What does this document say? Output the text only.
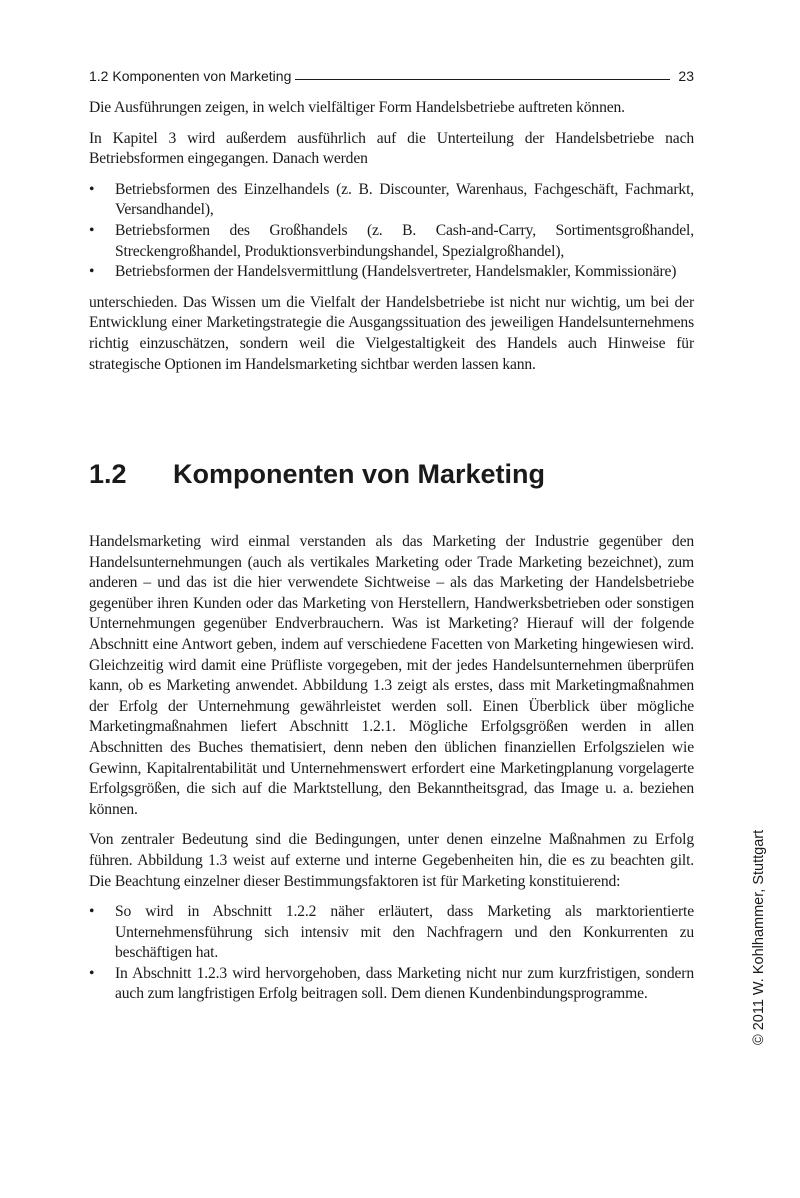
1.2 Komponenten von Marketing	23

Die Ausführungen zeigen, in welch vielfältiger Form Handelsbetriebe auftreten können.

In Kapitel 3 wird außerdem ausführlich auf die Unterteilung der Handelsbetriebe nach Betriebsformen eingegangen. Danach werden

• Betriebsformen des Einzelhandels (z. B. Discounter, Warenhaus, Fachgeschäft, Fachmarkt, Versandhandel),
• Betriebsformen des Großhandels (z. B. Cash-and-Carry, Sortimentsgroßhandel, Streckengroßhandel, Produktionsverbindungshandel, Spezialgroßhandel),
• Betriebsformen der Handelsvermittlung (Handelsvertreter, Handelsmakler, Kommissionäre)

unterschieden. Das Wissen um die Vielfalt der Handelsbetriebe ist nicht nur wichtig, um bei der Entwicklung einer Marketingstrategie die Ausgangssituation des jeweiligen Handelsunternehmens richtig einzuschätzen, sondern weil die Vielgestaltigkeit des Handels auch Hinweise für strategische Optionen im Handelsmarketing sichtbar werden lassen kann.

1.2 Komponenten von Marketing

Handelsmarketing wird einmal verstanden als das Marketing der Industrie gegenüber den Handelsunternehmungen (auch als vertikales Marketing oder Trade Marketing bezeichnet), zum anderen – und das ist die hier verwendete Sichtweise – als das Marketing der Handelsbetriebe gegenüber ihren Kunden oder das Marketing von Herstellern, Handwerksbetrieben oder sonstigen Unternehmungen gegenüber Endverbrauchern. Was ist Marketing? Hierauf will der folgende Abschnitt eine Antwort geben, indem auf verschiedene Facetten von Marketing hingewiesen wird. Gleichzeitig wird damit eine Prüfliste vorgegeben, mit der jedes Handelsunternehmen überprüfen kann, ob es Marketing anwendet. Abbildung 1.3 zeigt als erstes, dass mit Marketingmaßnahmen der Erfolg der Unternehmung gewährleistet werden soll. Einen Überblick über mögliche Marketingmaßnahmen liefert Abschnitt 1.2.1. Mögliche Erfolgsgrößen werden in allen Abschnitten des Buches thematisiert, denn neben den üblichen finanziellen Erfolgszielen wie Gewinn, Kapitalrentabilität und Unternehmenswert erfordert eine Marketingplanung vorgelagerte Erfolgsgrößen, die sich auf die Marktstellung, den Bekanntheitsgrad, das Image u. a. beziehen können.

Von zentraler Bedeutung sind die Bedingungen, unter denen einzelne Maßnahmen zu Erfolg führen. Abbildung 1.3 weist auf externe und interne Gegebenheiten hin, die es zu beachten gilt. Die Beachtung einzelner dieser Bestimmungsfaktoren ist für Marketing konstituierend:

• So wird in Abschnitt 1.2.2 näher erläutert, dass Marketing als marktorientierte Unternehmensführung sich intensiv mit den Nachfragern und den Konkurrenten zu beschäftigen hat.
• In Abschnitt 1.2.3 wird hervorgehoben, dass Marketing nicht nur zum kurzfristigen, sondern auch zum langfristigen Erfolg beitragen soll. Dem dienen Kundenbindungsprogramme.	© 2011 W. Kohlhammer, Stuttgart
